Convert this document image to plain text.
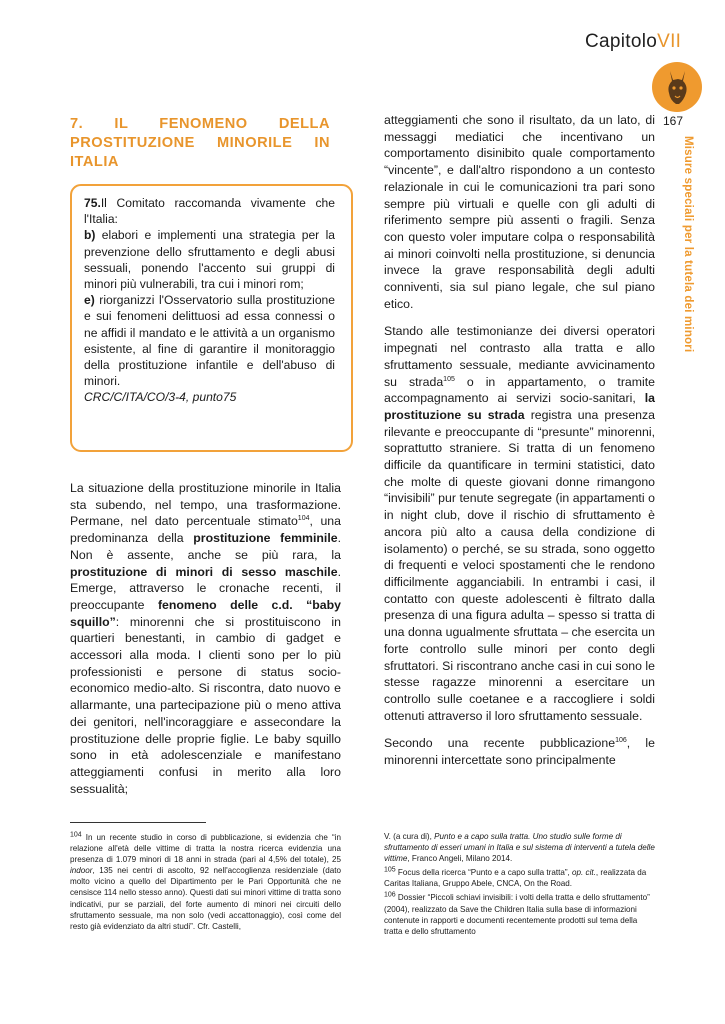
CapitoloVII
167
Misure speciali per la tutela dei minori
7. IL FENOMENO DELLA
PROSTITUZIONE MINORILE IN
ITALIA
75.Il Comitato raccomanda vivamente che l'Italia:
b) elabori e implementi una strategia per la prevenzione dello sfruttamento e degli abusi sessuali, ponendo l'accento sui gruppi di minori più vulnerabili, tra cui i minori rom;
e) riorganizzi l'Osservatorio sulla prostituzione e sui fenomeni delittuosi ad essa connessi o ne affidi il mandato e le attività a un organismo esistente, al fine di garantire il monitoraggio della prostituzione infantile e dell'abuso di minori.
CRC/C/ITA/CO/3-4, punto75
La situazione della prostituzione minorile in Italia sta subendo, nel tempo, una trasformazione. Permane, nel dato percentuale stimato$^{104}$, una predominanza della prostituzione femminile. Non è assente, anche se più rara, la prostituzione di minori di sesso maschile. Emerge, attraverso le cronache recenti, il preoccupante fenomeno delle c.d. “baby squillo”: minorenni che si prostituiscono in quartieri benestanti, in cambio di gadget e accessori alla moda. I clienti sono per lo più professionisti e persone di status socio-economico medio-alto. Si riscontra, dato nuovo e allarmante, una partecipazione più o meno attiva dei genitori, nell'incoraggiare e assecondare la prostituzione delle proprie figlie. Le baby squillo sono in età adolescenziale e manifestano atteggiamenti confusi in merito alla loro sessualità;
$^{104}$ In un recente studio in corso di pubblicazione, si evidenzia che “in relazione all'età delle vittime di tratta la nostra ricerca evidenzia una presenza di 1.079 minori di 18 anni in strada (pari al 4,5% del totale), 25 indoor, 135 nei centri di ascolto, 92 nell'accoglienza residenziale (dato molto vicino a quello del Dipartimento per le Pari Opportunità che ne censisce 114 nello stesso anno). Questi dati sui minori vittime di tratta sono indicativi, pur se parziali, del forte aumento di minori nei circuiti dello sfruttamento sessuale, ma non solo (vedi accattonaggio), così come del resto già evidenziato da altri studi”. Cfr. Castelli,

atteggiamenti che sono il risultato, da un lato, di messaggi mediatici che incentivano un comportamento disinibito quale comportamento “vincente”, e dall'altro rispondono a un contesto relazionale in cui le comunicazioni tra pari sono sempre più virtuali e quelle con gli adulti di riferimento sempre più assenti o fragili. Senza con questo voler imputare colpa o responsabilità ai minori coinvolti nella prostituzione, si denuncia invece la grave responsabilità degli adulti conniventi, sia sul piano legale, che sul piano etico.

Stando alle testimonianze dei diversi operatori impegnati nel contrasto alla tratta e allo sfruttamento sessuale, mediante avvicinamento su strada$^{105}$ o in appartamento, o tramite accompagnamento ai servizi socio-sanitari, la prostituzione su strada registra una presenza rilevante e preoccupante di “presunte” minorenni, soprattutto straniere. Si tratta di un fenomeno difficile da quantificare in termini statistici, dato che molte di queste giovani donne rimangono “invisibili” pur tenute segregate (in appartamenti o in night club, dove il rischio di sfruttamento è ancora più alto a causa della condizione di isolamento) o perché, se su strada, sono oggetto di frequenti e veloci spostamenti che le rendono difficilmente agganciabili. In entrambi i casi, il contatto con queste adolescenti è filtrato dalla presenza di una figura adulta – spesso si tratta di una donna ugualmente sfruttata – che esercita un forte controllo sulle minori per conto degli sfruttatori. Si riscontrano anche casi in cui sono le stesse ragazze minorenni a esercitare un controllo sulle coetanee e a raccogliere i soldi ottenuti attraverso il loro sfruttamento sessuale.

Secondo una recente pubblicazione$^{106}$, le minorenni intercettate sono principalmente

V. (a cura di), Punto e a capo sulla tratta. Uno studio sulle forme di sfruttamento di esseri umani in Italia e sul sistema di interventi a tutela delle vittime, Franco Angeli, Milano 2014.

$^{105}$ Focus della ricerca “Punto e a capo sulla tratta”, op. cit., realizzata da Caritas Italiana, Gruppo Abele, CNCA, On the Road.

$^{106}$ Dossier “Piccoli schiavi invisibili: i volti della tratta e dello sfruttamento” (2004), realizzato da Save the Children Italia sulla base di informazioni contenute in rapporti e documenti recentemente prodotti sul tema della tratta e dello sfruttamento
